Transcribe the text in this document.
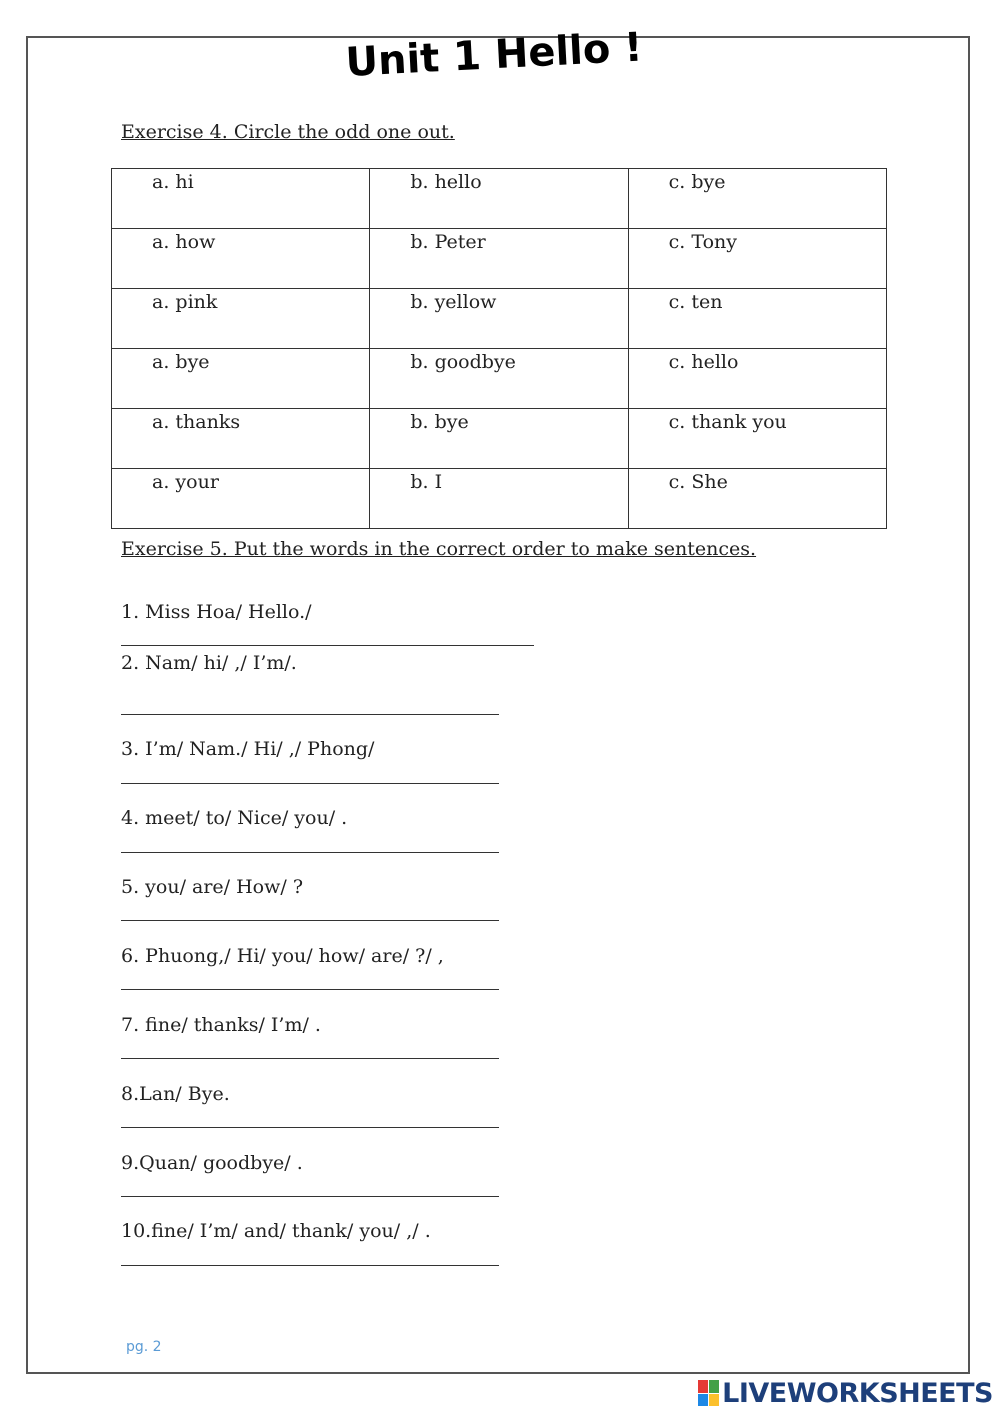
Unit 1 Hello !
Exercise 4. Circle the odd one out.
a. hi	b. hello	c. bye

a. how	b. Peter	c. Tony

a. pink	b. yellow	c. ten

a. bye	b. goodbye	c. hello

a. thanks	b. bye	c. thank you

a. your	b. I	c. She
Exercise 5. Put the words in the correct order to make sentences.
1. Miss Hoa/ Hello./
2. Nam/ hi/ ,/ I’m/.
3. I’m/ Nam./ Hi/ ,/ Phong/
4. meet/ to/ Nice/ you/ .
5. you/ are/ How/ ?
6. Phuong,/ Hi/ you/ how/ are/ ?/ ,
7. fine/ thanks/ I’m/ .
8.Lan/ Bye.
9.Quan/ goodbye/ .
10.fine/ I’m/ and/ thank/ you/ ,/ .
pg. 2
LIVEWORKSHEETS
